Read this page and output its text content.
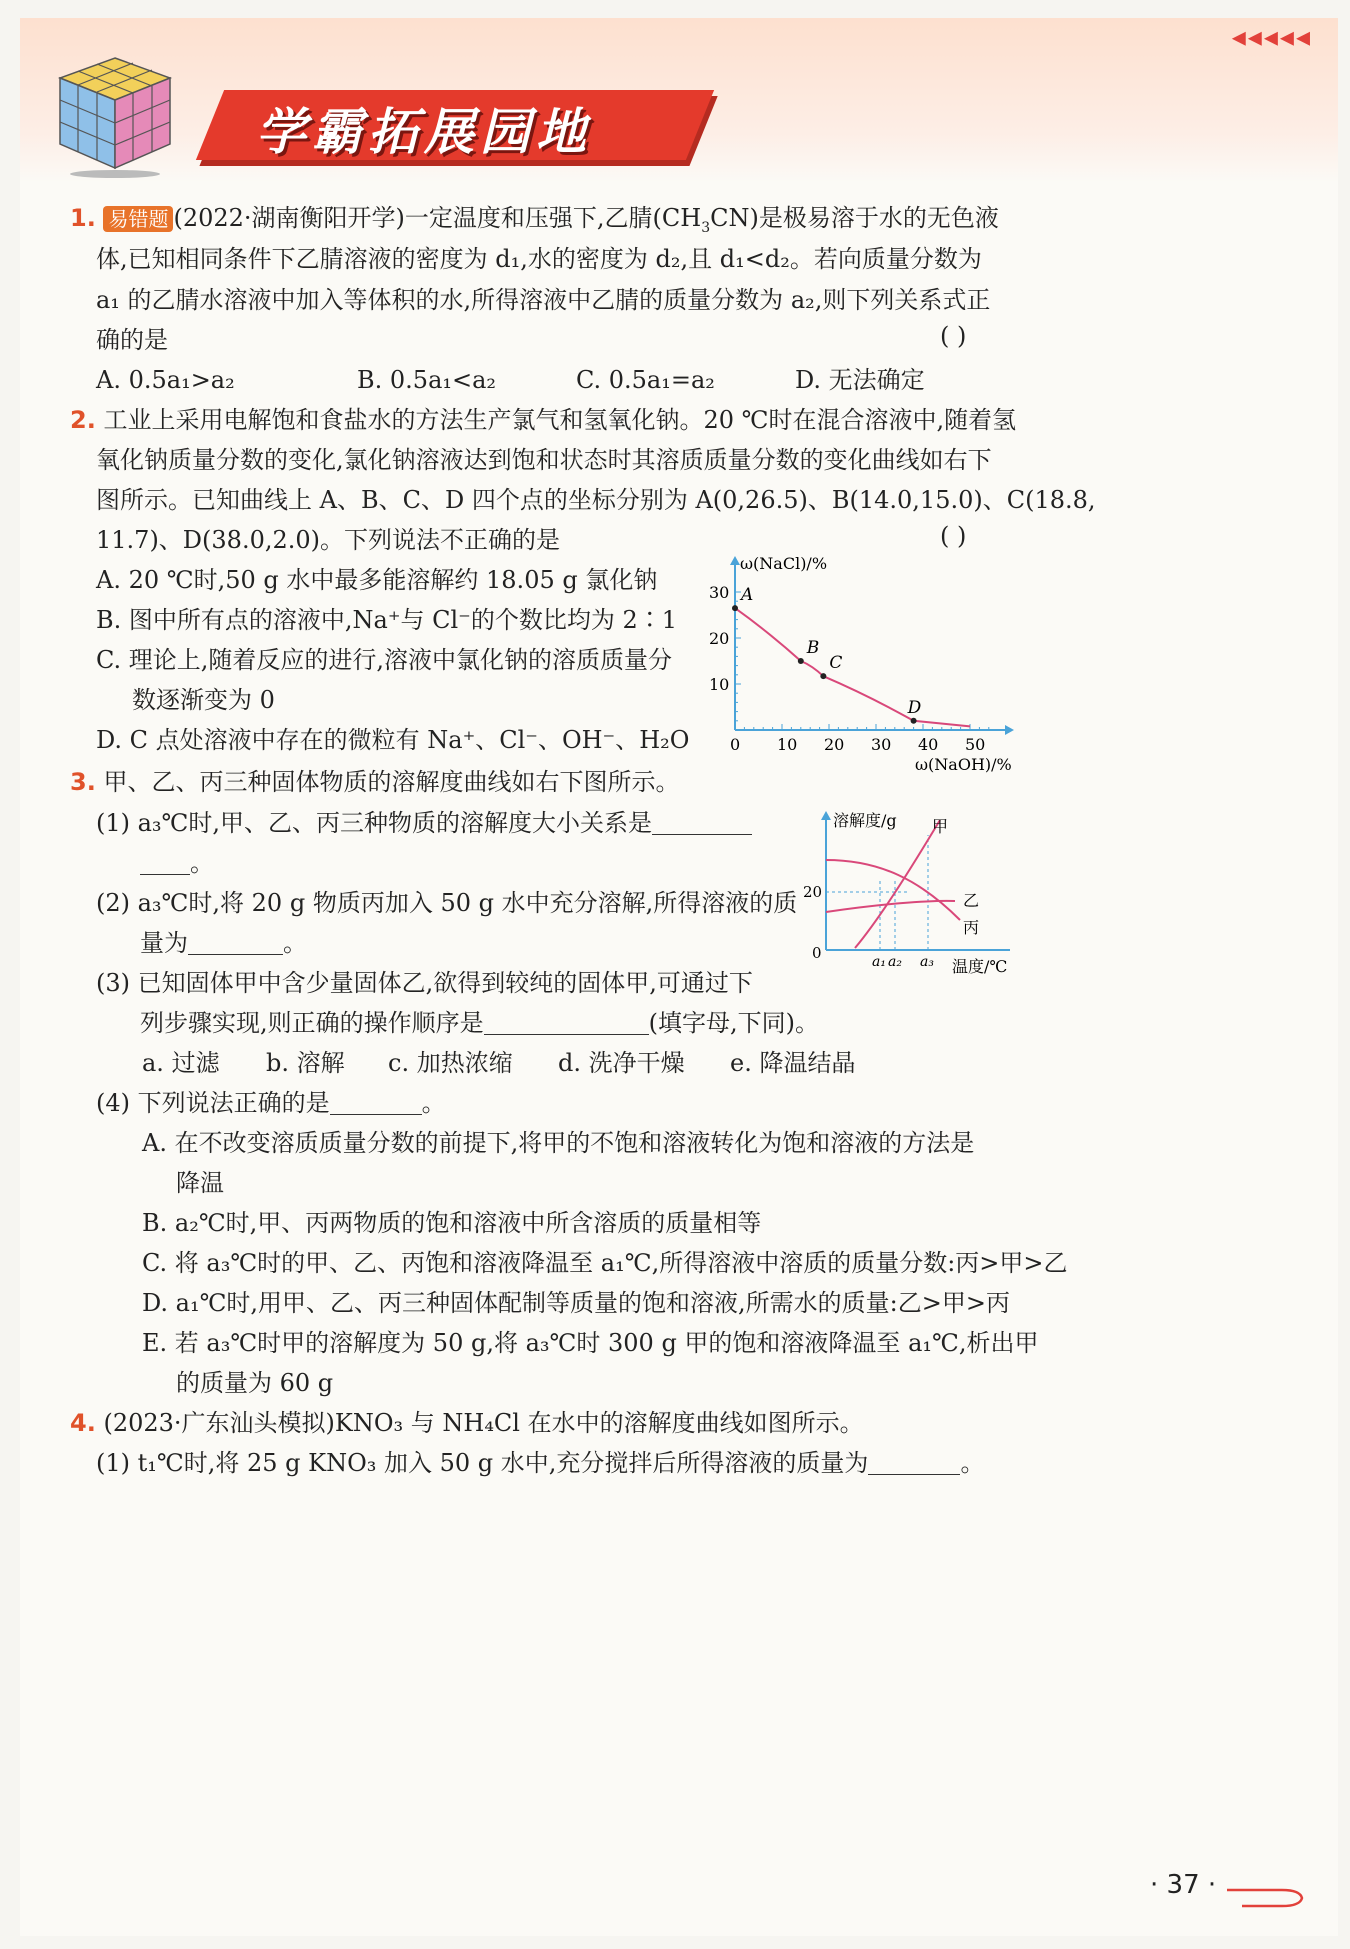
◂◂◂◂◂
学霸拓展园地
1. 易错题 (2022·湖南衡阳开学)一定温度和压强下,乙腈$(CH_3CN)$是极易溶于水的无色液
体,已知相同条件下乙腈溶液的密度为 d₁,水的密度为 d₂,且 d₁<d₂。若向质量分数为
a₁ 的乙腈水溶液中加入等体积的水,所得溶液中乙腈的质量分数为 a₂,则下列关系式正
确的是	( )
A. 0.5a₁>a₂	B. 0.5a₁<a₂	C. 0.5a₁=a₂	D. 无法确定
2. 工业上采用电解饱和食盐水的方法生产氯气和氢氧化钠。20 ℃时在混合溶液中,随着氢
氧化钠质量分数的变化,氯化钠溶液达到饱和状态时其溶质质量分数的变化曲线如右下
图所示。已知曲线上 A、B、C、D 四个点的坐标分别为 A(0,26.5)、B(14.0,15.0)、C(18.8,
11.7)、D(38.0,2.0)。下列说法不正确的是	( )
A. 20 ℃时,50 g 水中最多能溶解约 18.05 g 氯化钠
B. 图中所有点的溶液中,Na⁺与 Cl⁻的个数比均为 2∶1
C. 理论上,随着反应的进行,溶液中氯化钠的溶质质量分
数逐渐变为 0
D. C 点处溶液中存在的微粒有 Na⁺、Cl⁻、OH⁻、H₂O	0 10 20 30 40 50
10
20
30
ω(NaCl)/%
ω(NaOH)/%
A
B
C
D
3. 甲、乙、丙三种固体物质的溶解度曲线如右下图所示。
(1) a₃℃时,甲、乙、丙三种物质的溶解度大小关系是
。
(2) a₃℃时,将 20 g 物质丙加入 50 g 水中充分溶解,所得溶液的质
量为	。
(3) 已知固体甲中含少量固体乙,欲得到较纯的固体甲,可通过下
列步骤实现,则正确的操作顺序是	(填字母,下同)。
a. 过滤 b. 溶解 c. 加热浓缩 d. 洗净干燥 e. 降温结晶
(4) 下列说法正确的是	。
A. 在不改变溶质质量分数的前提下,将甲的不饱和溶液转化为饱和溶液的方法是
降温
B. a₂℃时,甲、丙两物质的饱和溶液中所含溶质的质量相等
C. 将 a₃℃时的甲、乙、丙饱和溶液降温至 a₁℃,所得溶液中溶质的质量分数:丙>甲>乙
D. a₁℃时,用甲、乙、丙三种固体配制等质量的饱和溶液,所需水的质量:乙>甲>丙
E. 若 a₃℃时甲的溶解度为 50 g,将 a₃℃时 300 g 甲的饱和溶液降温至 a₁℃,析出甲
的质量为 60 g
溶解度/g
20
0
温度/℃
a₁ a₂ a₃
甲
乙
丙
4. (2023·广东汕头模拟)KNO₃ 与 NH₄Cl 在水中的溶解度曲线如图所示。
(1) t₁℃时,将 25 g KNO₃ 加入 50 g 水中,充分搅拌后所得溶液的质量为	。
· 37 ·
